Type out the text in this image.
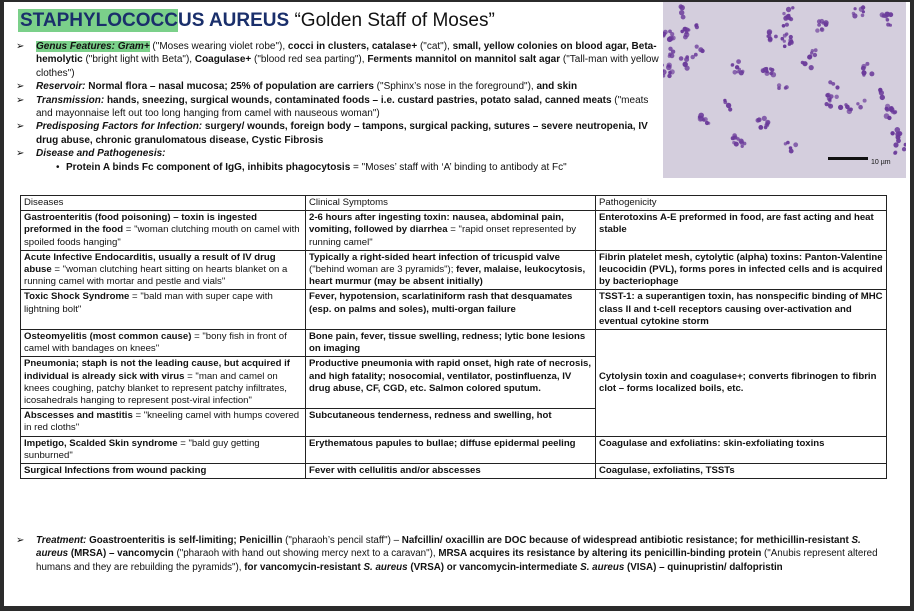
STAPHYLOCOCCUS AUREUS “Golden Staff of Moses”
10 µm
➢ Genus Features: Gram+ ("Moses wearing violet robe"), cocci in clusters, catalase+ ("cat"), small, yellow colonies on blood agar, Beta-hemolytic ("bright light with Beta"), Coagulase+ ("blood red sea parting"), Ferments mannitol on mannitol salt agar ("Tall-man with yellow clothes")
➢ Reservoir: Normal flora – nasal mucosa; 25% of population are carriers ("Sphinx’s nose in the foreground"), and skin
➢ Transmission: hands, sneezing, surgical wounds, contaminated foods – i.e. custard pastries, potato salad, canned meats ("meats and mayonnaise left out too long hanging from camel with nauseous woman")
➢ Predisposing Factors for Infection: surgery/ wounds, foreign body – tampons, surgical packing, sutures – severe neutropenia, IV drug abuse, chronic granulomatous disease, Cystic Fibrosis
➢ Disease and Pathogenesis:
• Protein A binds Fc component of IgG, inhibits phagocytosis = "Moses’ staff with ‘A’ binding to antibody at Fc"
Diseases	Clinical Symptoms	Pathogenicity
Gastroenteritis (food poisoning) – toxin is ingested preformed in the food = "woman clutching mouth on camel with spoiled foods hanging"	2-6 hours after ingesting toxin: nausea, abdominal pain, vomiting, followed by diarrhea = "rapid onset represented by running camel"	Enterotoxins A-E preformed in food, are fast acting and heat stable
Acute Infective Endocarditis, usually a result of IV drug abuse = "woman clutching heart sitting on hearts blanket on a running camel with mortar and pestle and vials"	Typically a right-sided heart infection of tricuspid valve ("behind woman are 3 pyramids"); fever, malaise, leukocytosis, heart murmur (may be absent initially)	Fibrin platelet mesh, cytolytic (alpha) toxins: Panton-Valentine leucocidin (PVL), forms pores in infected cells and is acquired by bacteriophage
Toxic Shock Syndrome = "bald man with super cape with lightning bolt"	Fever, hypotension, scarlatiniform rash that desquamates (esp. on palms and soles), multi-organ failure	TSST-1: a superantigen toxin, has nonspecific binding of MHC class II and t-cell receptors causing over-activation and eventual cytokine storm
Osteomyelitis (most common cause) = "bony fish in front of camel with bandages on knees"	Bone pain, fever, tissue swelling, redness; lytic bone lesions on imaging	Cytolysin toxin and coagulase+; converts fibrinogen to fibrin clot – forms localized boils, etc.
Pneumonia; staph is not the leading cause, but acquired if individual is already sick with virus = "man and camel on knees coughing, patchy blanket to represent patchy infiltrates, icosahedrals hanging to represent post-viral infection"	Productive pneumonia with rapid onset, high rate of necrosis, and high fatality; nosocomial, ventilator, postinfluenza, IV drug abuse, CF, CGD, etc. Salmon colored sputum.	
Abscesses and mastitis = "kneeling camel with humps covered in red cloths"	Subcutaneous tenderness, redness and swelling, hot	
Impetigo, Scalded Skin syndrome = "bald guy getting sunburned"	Erythematous papules to bullae; diffuse epidermal peeling	Coagulase and exfoliatins: skin-exfoliating toxins
Surgical Infections from wound packing	Fever with cellulitis and/or abscesses	Coagulase, exfoliatins, TSSTs
➢	Treatment: Goastroenteritis is self-limiting; Penicillin ("pharaoh’s pencil staff") – Nafcillin/ oxacillin are DOC because of widespread antibiotic resistance; for methicillin-resistant S. aureus (MRSA) – vancomycin ("pharaoh with hand out showing mercy next to a caravan"), MRSA acquires its resistance by altering its penicillin-binding protein ("Anubis represent altered humans and they are rebuilding the pyramids"), for vancomycin-resistant S. aureus (VRSA) or vancomycin-intermediate S. aureus (VISA) – quinupristin/ dalfopristin
